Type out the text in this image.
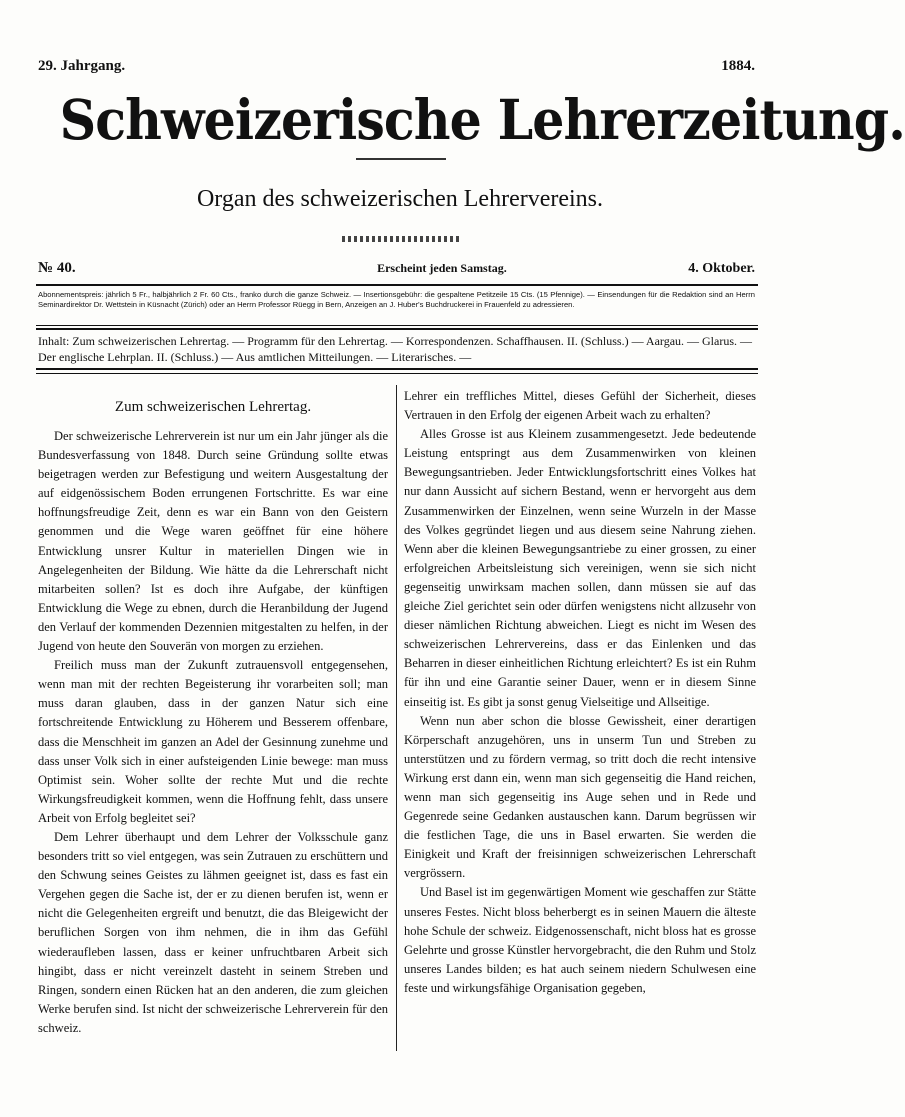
29. Jahrgang.	1884.
Schweizerische Lehrerzeitung.
Organ des schweizerischen Lehrervereins.
№ 40.	Erscheint jeden Samstag.	4. Oktober.
Abonnementspreis: jährlich 5 Fr., halbjährlich 2 Fr. 60 Cts., franko durch die ganze Schweiz. — Insertionsgebühr: die gespaltene Petitzeile 15 Cts. (15 Pfennige). — Einsendungen für die Redaktion sind an Herrn Seminardirektor Dr. Wettstein in Küsnacht (Zürich) oder an Herrn Professor Rüegg in Bern, Anzeigen an J. Huber's Buchdruckerei in Frauenfeld zu adressieren.
Inhalt: Zum schweizerischen Lehrertag. — Programm für den Lehrertag. — Korrespondenzen. Schaffhausen. II. (Schluss.) — Aargau. — Glarus. — Der englische Lehrplan. II. (Schluss.) — Aus amtlichen Mitteilungen. — Literarisches. —
Zum schweizerischen Lehrertag.

Der schweizerische Lehrerverein ist nur um ein Jahr jünger als die Bundesverfassung von 1848. Durch seine Gründung sollte etwas beigetragen werden zur Befestigung und weitern Ausgestaltung der auf eidgenössischem Boden errungenen Fortschritte. Es war eine hoffnungsfreudige Zeit, denn es war ein Bann von den Geistern genommen und die Wege waren geöffnet für eine höhere Entwicklung unsrer Kultur in materiellen Dingen wie in Angelegenheiten der Bildung. Wie hätte da die Lehrerschaft nicht mitarbeiten sollen? Ist es doch ihre Aufgabe, der künftigen Entwicklung die Wege zu ebnen, durch die Heranbildung der Jugend den Verlauf der kommenden Dezennien mitgestalten zu helfen, in der Jugend von heute den Souverän von morgen zu erziehen.

Freilich muss man der Zukunft zutrauensvoll entgegensehen, wenn man mit der rechten Begeisterung ihr vorarbeiten soll; man muss daran glauben, dass in der ganzen Natur sich eine fortschreitende Entwicklung zu Höherem und Besserem offenbare, dass die Menschheit im ganzen an Adel der Gesinnung zunehme und dass unser Volk sich in einer aufsteigenden Linie bewege: man muss Optimist sein. Woher sollte der rechte Mut und die rechte Wirkungsfreudigkeit kommen, wenn die Hoffnung fehlt, dass unsere Arbeit von Erfolg begleitet sei?

Dem Lehrer überhaupt und dem Lehrer der Volksschule ganz besonders tritt so viel entgegen, was sein Zutrauen zu erschüttern und den Schwung seines Geistes zu lähmen geeignet ist, dass es fast ein Vergehen gegen die Sache ist, der er zu dienen berufen ist, wenn er nicht die Gelegenheiten ergreift und benutzt, die das Bleigewicht der beruflichen Sorgen von ihm nehmen, die in ihm das Gefühl wiederaufleben lassen, dass er keiner unfruchtbaren Arbeit sich hingibt, dass er nicht vereinzelt dasteht in seinem Streben und Ringen, sondern einen Rücken hat an den anderen, die zum gleichen Werke berufen sind. Ist nicht der schweizerische Lehrerverein für den schweiz.

Lehrer ein treffliches Mittel, dieses Gefühl der Sicherheit, dieses Vertrauen in den Erfolg der eigenen Arbeit wach zu erhalten?

Alles Grosse ist aus Kleinem zusammengesetzt. Jede bedeutende Leistung entspringt aus dem Zusammenwirken von kleinen Bewegungsantrieben. Jeder Entwicklungsfortschritt eines Volkes hat nur dann Aussicht auf sichern Bestand, wenn er hervorgeht aus dem Zusammenwirken der Einzelnen, wenn seine Wurzeln in der Masse des Volkes gegründet liegen und aus diesem seine Nahrung ziehen. Wenn aber die kleinen Bewegungsantriebe zu einer grossen, zu einer erfolgreichen Arbeitsleistung sich vereinigen, wenn sie sich nicht gegenseitig unwirksam machen sollen, dann müssen sie auf das gleiche Ziel gerichtet sein oder dürfen wenigstens nicht allzusehr von dieser nämlichen Richtung abweichen. Liegt es nicht im Wesen des schweizerischen Lehrervereins, dass er das Einlenken und das Beharren in dieser einheitlichen Richtung erleichtert? Es ist ein Ruhm für ihn und eine Garantie seiner Dauer, wenn er in diesem Sinne einseitig ist. Es gibt ja sonst genug Vielseitige und Allseitige.

Wenn nun aber schon die blosse Gewissheit, einer derartigen Körperschaft anzugehören, uns in unserm Tun und Streben zu unterstützen und zu fördern vermag, so tritt doch die recht intensive Wirkung erst dann ein, wenn man sich gegenseitig die Hand reichen, wenn man sich gegenseitig ins Auge sehen und in Rede und Gegenrede seine Gedanken austauschen kann. Darum begrüssen wir die festlichen Tage, die uns in Basel erwarten. Sie werden die Einigkeit und Kraft der freisinnigen schweizerischen Lehrerschaft vergrössern.

Und Basel ist im gegenwärtigen Moment wie geschaffen zur Stätte unseres Festes. Nicht bloss beherbergt es in seinen Mauern die älteste hohe Schule der schweiz. Eidgenossenschaft, nicht bloss hat es grosse Gelehrte und grosse Künstler hervorgebracht, die den Ruhm und Stolz unseres Landes bilden; es hat auch seinem niedern Schulwesen eine feste und wirkungsfähige Organisation gegeben,
